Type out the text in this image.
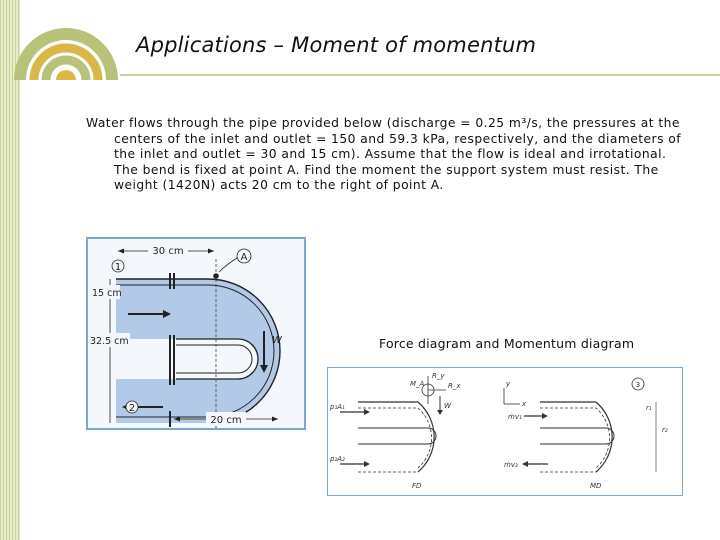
Applications – Moment of momentum
Water flows through the pipe provided below (discharge = 0.25 m³/s, the pressures at the
centers of the inlet and outlet = 150 and 59.3 kPa, respectively, and the diameters of the inlet and outlet = 30 and 15 cm). Assume that the flow is ideal and irrotational. The bend is fixed at point A. Find the moment the support system must resist. The weight (1420N) acts 20 cm to the right of point A.
W
30 cm
A
1
15 cm
32.5 cm
2
20 cm
Force diagram and Momentum diagram
p₁A₁
p₂A₂
M_A
R_y
R_x
W
FD
y
x
ṁv₁
ṁv₂
3
r₁
r₂
MD
